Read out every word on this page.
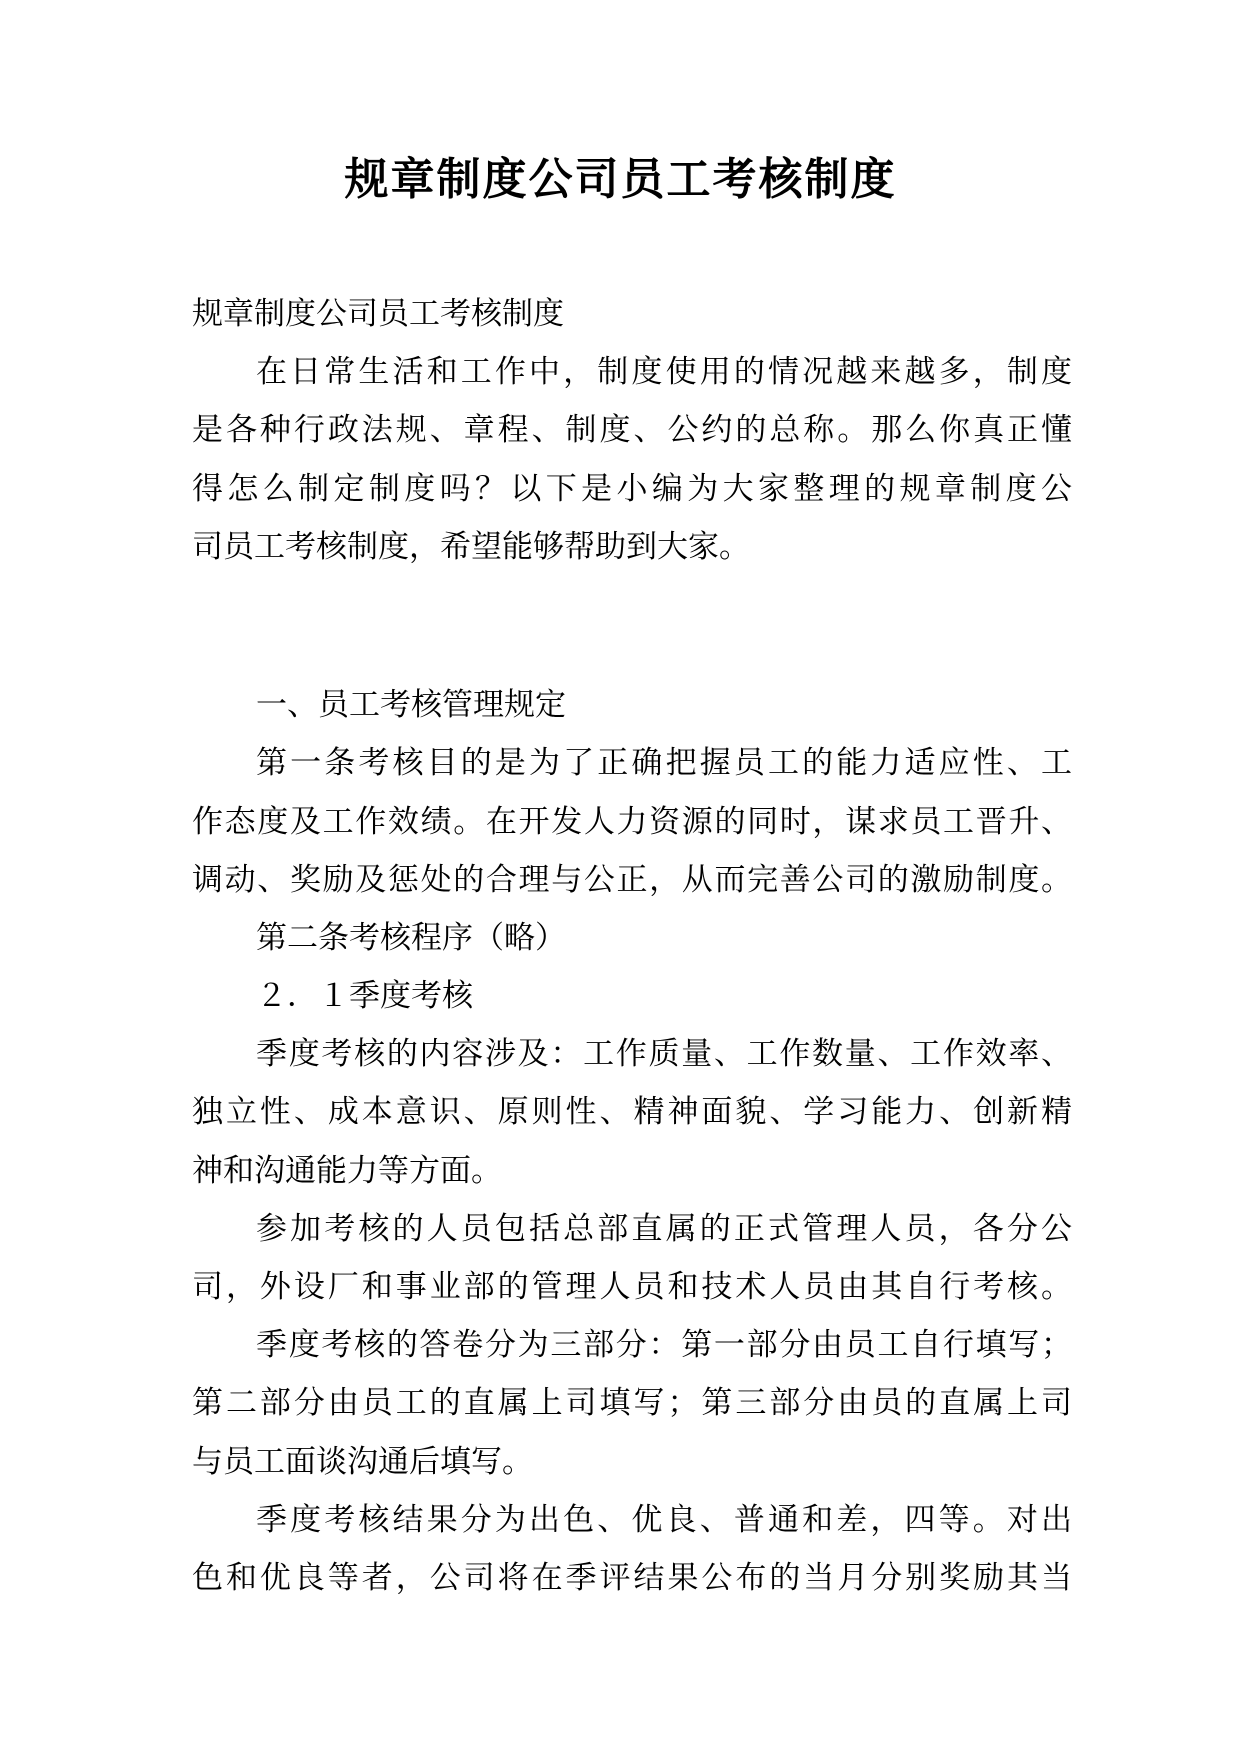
规章制度公司员工考核制度
规章制度公司员工考核制度
在日常生活和工作中，制度使用的情况越来越多，制度
是各种行政法规、章程、制度、公约的总称。那么你真正懂
得怎么制定制度吗？以下是小编为大家整理的规章制度公
司员工考核制度，希望能够帮助到大家。
一、员工考核管理规定
第一条考核目的是为了正确把握员工的能力适应性、工
作态度及工作效绩。在开发人力资源的同时，谋求员工晋升、
调动、奖励及惩处的合理与公正，从而完善公司的激励制度。
第二条考核程序（略）
２．１季度考核
季度考核的内容涉及：工作质量、工作数量、工作效率、
独立性、成本意识、原则性、精神面貌、学习能力、创新精
神和沟通能力等方面。
参加考核的人员包括总部直属的正式管理人员，各分公
司，外设厂和事业部的管理人员和技术人员由其自行考核。
季度考核的答卷分为三部分：第一部分由员工自行填写；
第二部分由员工的直属上司填写；第三部分由员的直属上司
与员工面谈沟通后填写。
季度考核结果分为出色、优良、普通和差，四等。对出
色和优良等者，公司将在季评结果公布的当月分别奖励其当
